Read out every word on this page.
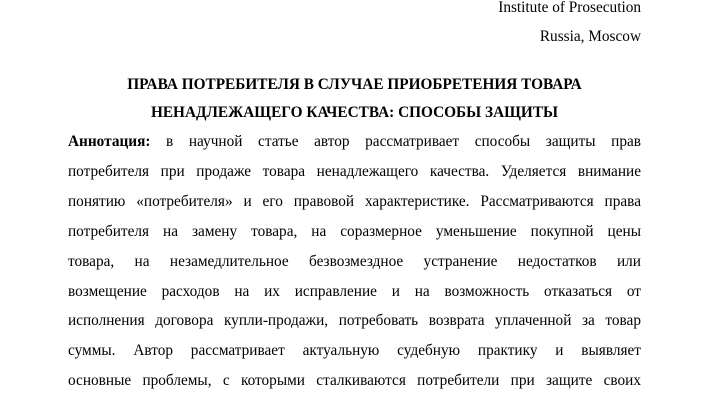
Institute of Prosecution
Russia, Moscow
ПРАВА ПОТРЕБИТЕЛЯ В СЛУЧАЕ ПРИОБРЕТЕНИЯ ТОВАРА
НЕНАДЛЕЖАЩЕГО КАЧЕСТВА: СПОСОБЫ ЗАЩИТЫ
Аннотация: в научной статье автор рассматривает способы защиты прав
потребителя при продаже товара ненадлежащего качества. Уделяется внимание
понятию «потребителя» и его правовой характеристике. Рассматриваются права
потребителя на замену товара, на соразмерное уменьшение покупной цены
товара, на незамедлительное безвозмездное устранение недостатков или
возмещение расходов на их исправление и на возможность отказаться от
исполнения договора купли-продажи, потребовать возврата уплаченной за товар
суммы. Автор рассматривает актуальную судебную практику и выявляет
основные проблемы, с которыми сталкиваются потребители при защите своих
